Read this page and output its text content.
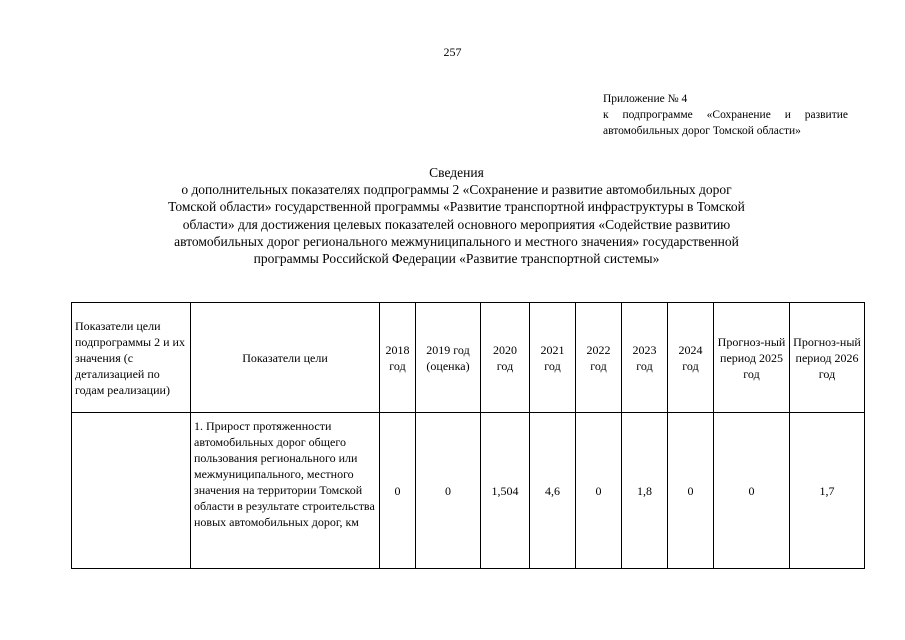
257
Приложение № 4
к подпрограмме «Сохранение и развитие
автомобильных дорог Томской области»
Сведения
о дополнительных показателях подпрограммы 2 «Сохранение и развитие автомобильных дорог
Томской области» государственной программы «Развитие транспортной инфраструктуры в Томской
области» для достижения целевых показателей основного мероприятия «Содействие развитию
автомобильных дорог регионального межмуниципального и местного значения» государственной
программы Российской Федерации «Развитие транспортной системы»
Показатели цели подпрограммы 2 и их значения (с детализацией по годам реализации)	Показатели цели	2018 год	2019 год (оценка)	2020 год	2021 год	2022 год	2023 год	2024 год	Прогноз-ный период 2025 год	Прогноз-ный период 2026 год
	1. Прирост протяженности автомобильных дорог общего пользования регионального или межмуниципального, местного значения на территории Томской области в результате строительства новых автомобильных дорог, км	0	0	1,504	4,6	0	1,8	0	0	1,7
